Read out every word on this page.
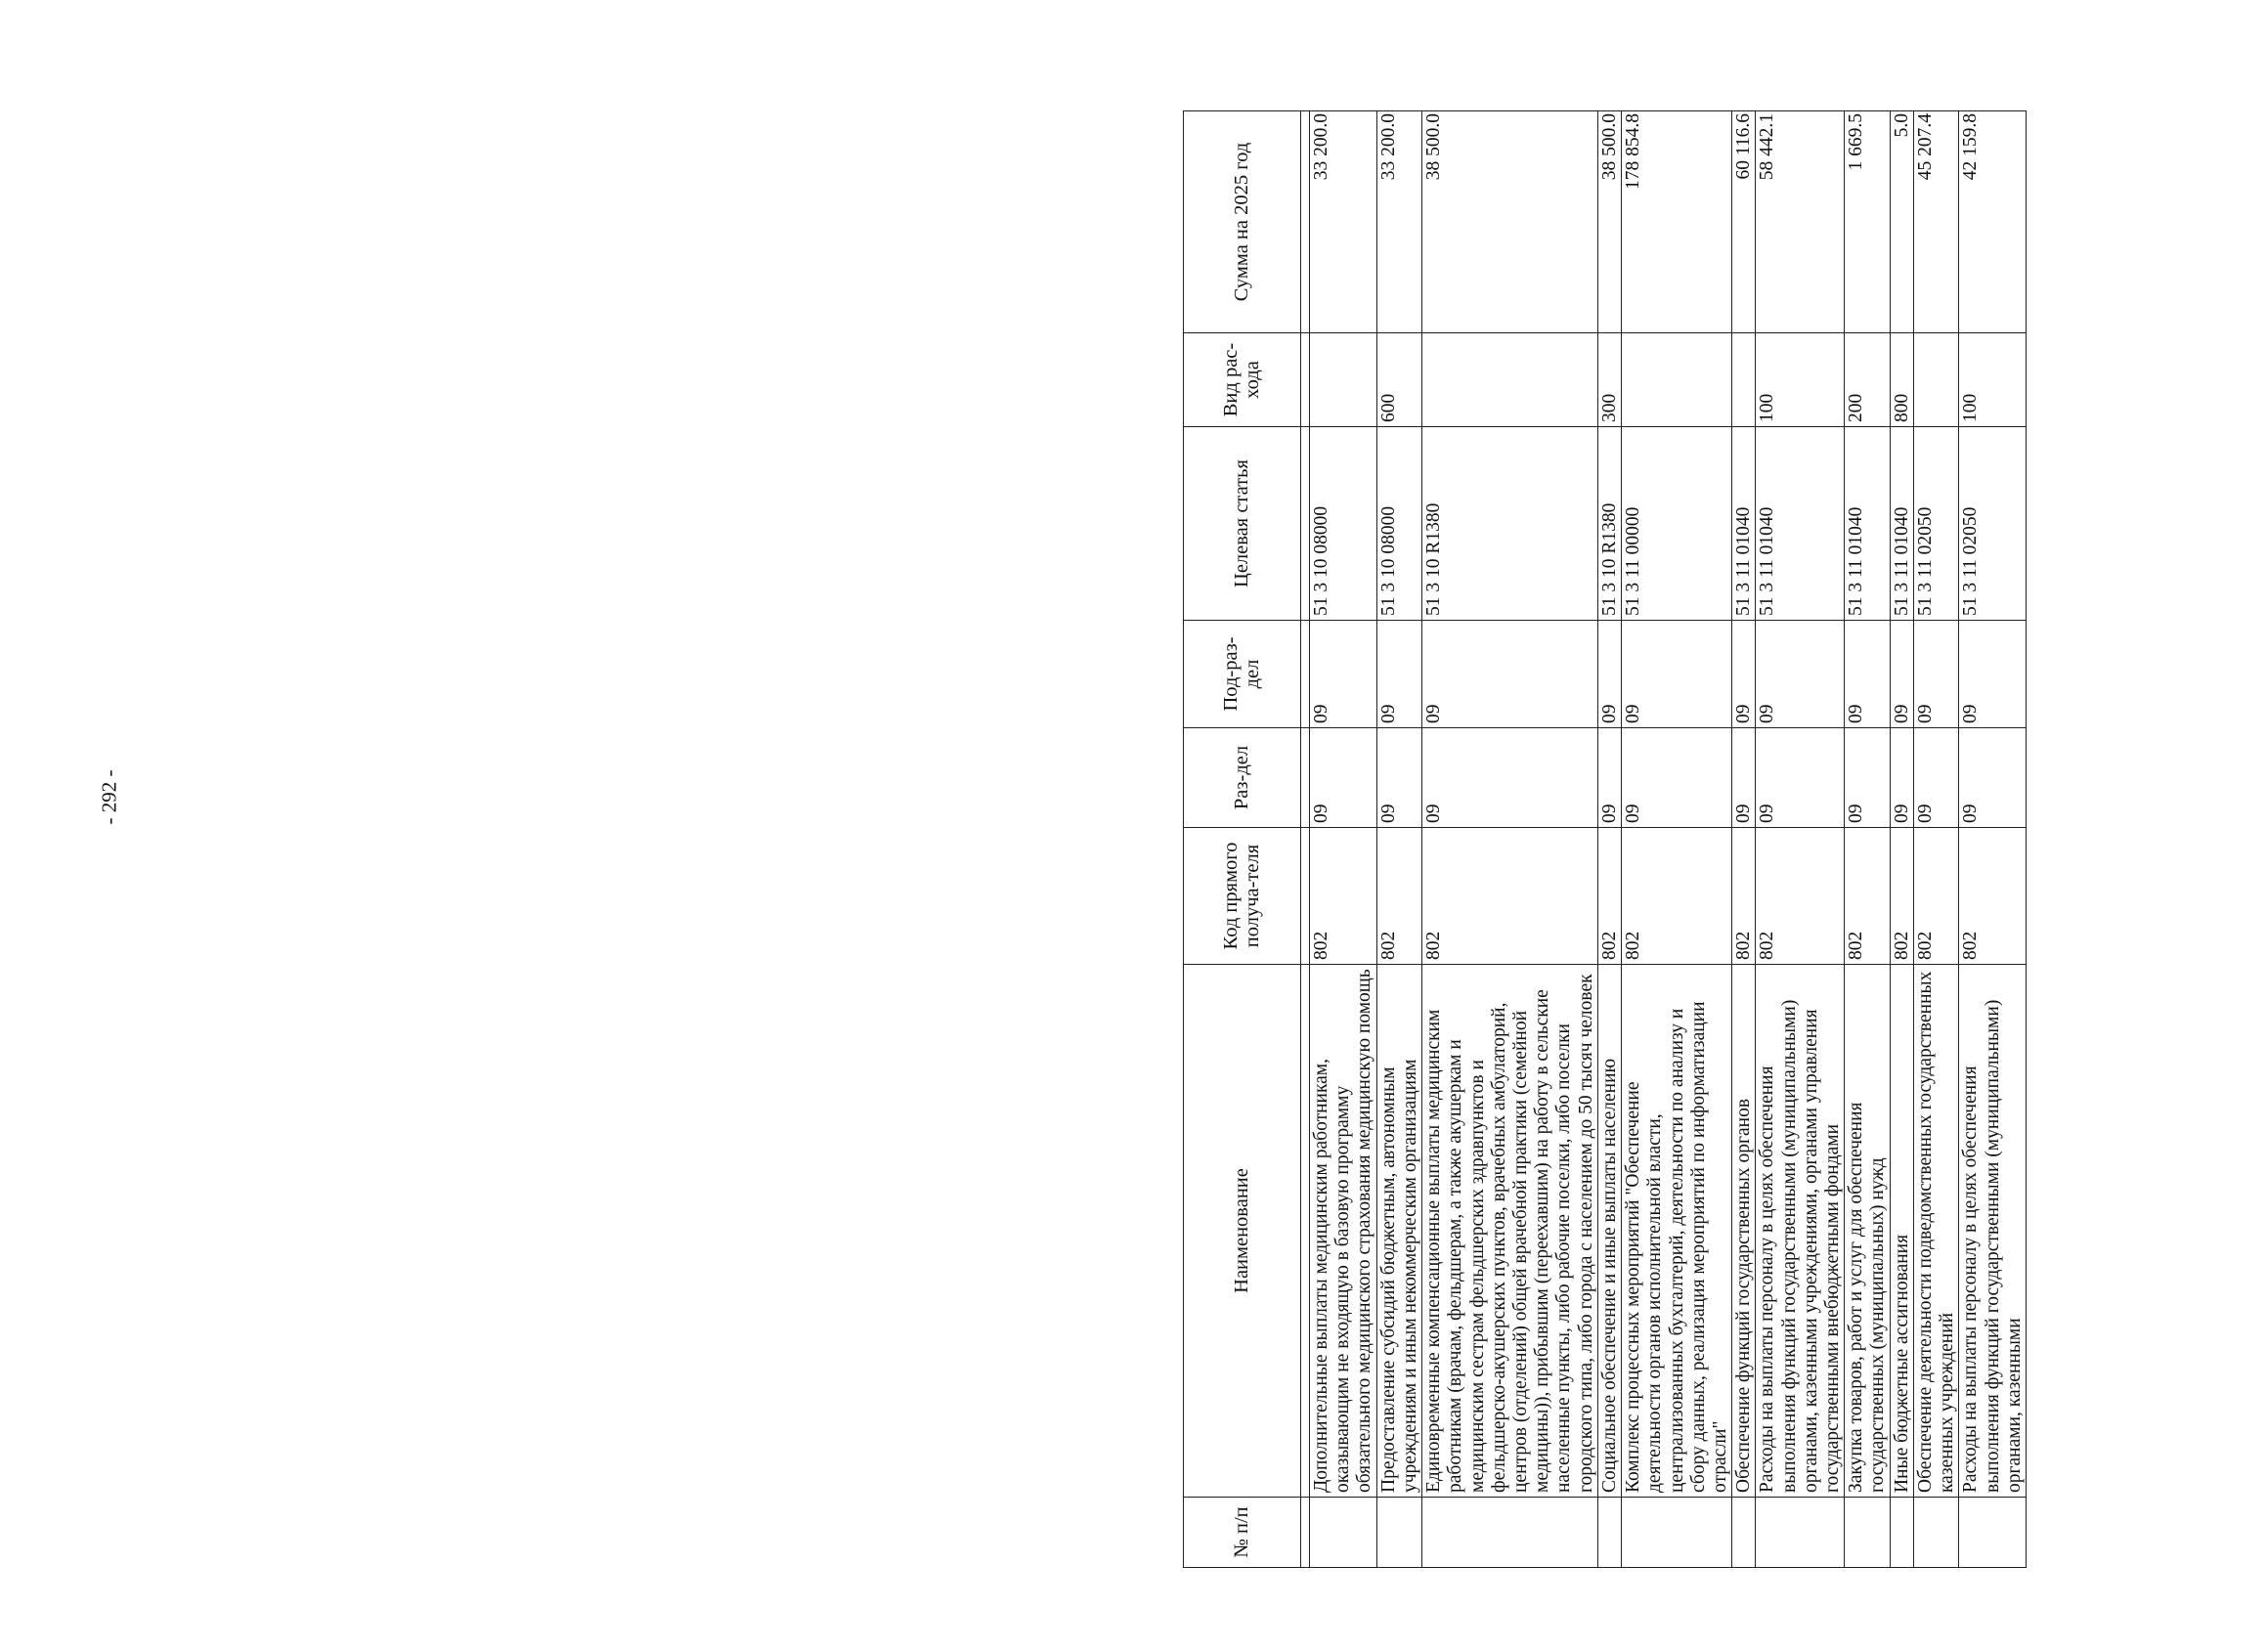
- 292 -
№ п/п	Наименование	Код прямого получа-теля	Раз-дел	Под-раз-дел	Целевая статья	Вид рас-хода	Сумма на 2025 год

	Дополнительные выплаты медицинским работникам, оказывающим не входящую в базовую программу обязательного медицинского страхования медицинскую помощь	802	09	09	51 3 10 08000		33 200.0
	Предоставление субсидий бюджетным, автономным учреждениям и иным некоммерческим организациям	802	09	09	51 3 10 08000	600	33 200.0
	Единовременные компенсационные выплаты медицинским работникам (врачам, фельдшерам, а также акушеркам и медицинским сестрам фельдшерских здравпунктов и фельдшерско-акушерских пунктов, врачебных амбулаторий, центров (отделений) общей врачебной практики (семейной медицины)), прибывшим (переехавшим) на работу в сельские населенные пункты, либо рабочие поселки, либо поселки городского типа, либо города с населением до 50 тысяч человек	802	09	09	51 3 10 R1380		38 500.0
	Социальное обеспечение и иные выплаты населению	802	09	09	51 3 10 R1380	300	38 500.0
	Комплекс процессных мероприятий "Обеспечение деятельности органов исполнительной власти, централизованных бухгалтерий, деятельности по анализу и сбору данных, реализация мероприятий по информатизации отрасли"	802	09	09	51 3 11 00000		178 854.8
	Обеспечение функций государственных органов	802	09	09	51 3 11 01040		60 116.6
	Расходы на выплаты персоналу в целях обеспечения выполнения функций государственными (муниципальными) органами, казенными учреждениями, органами управления государственными внебюджетными фондами	802	09	09	51 3 11 01040	100	58 442.1
	Закупка товаров, работ и услуг для обеспечения государственных (муниципальных) нужд	802	09	09	51 3 11 01040	200	1 669.5
	Иные бюджетные ассигнования	802	09	09	51 3 11 01040	800	5.0
	Обеспечение деятельности подведомственных государственных казенных учреждений	802	09	09	51 3 11 02050		45 207.4
	Расходы на выплаты персоналу в целях обеспечения выполнения функций государственными (муниципальными) органами, казенными	802	09	09	51 3 11 02050	100	42 159.8
